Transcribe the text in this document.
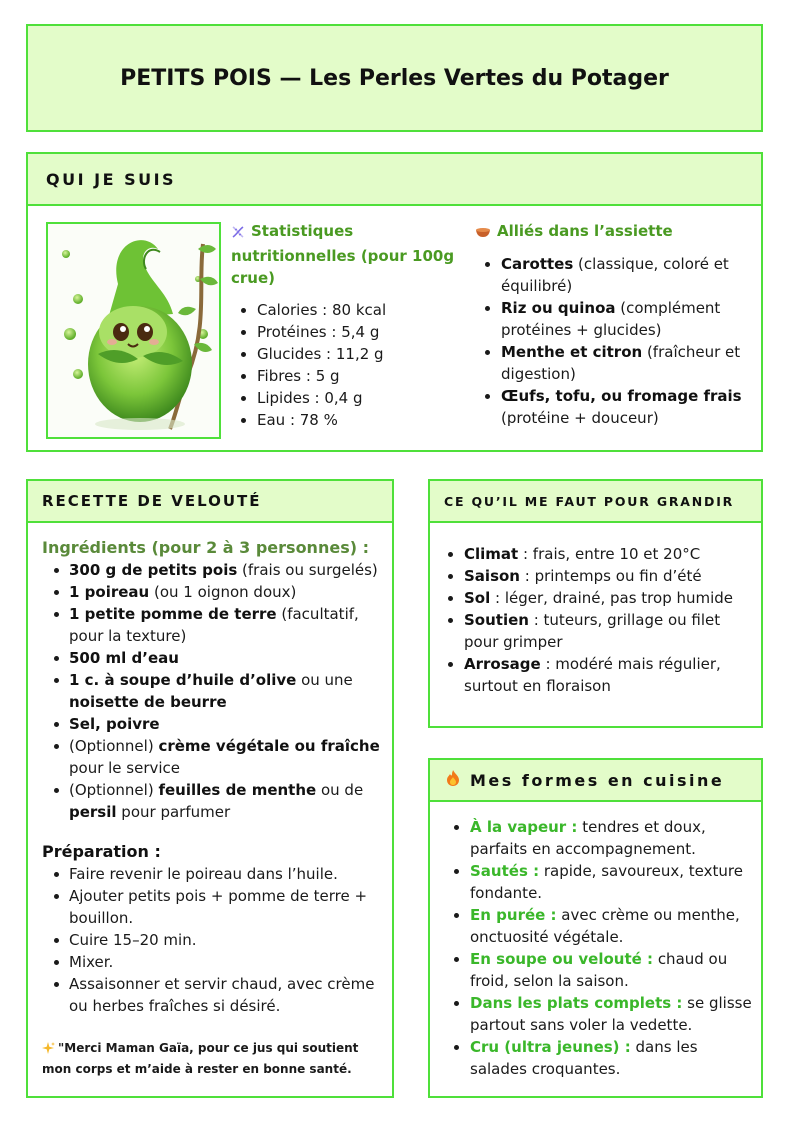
PETITS POIS — Les Perles Vertes du Potager
QUI JE SUIS
Statistiques nutritionnelles (pour 100g crue)
Calories : 80 kcal
Protéines : 5,4 g
Glucides : 11,2 g
Fibres : 5 g
Lipides : 0,4 g
Eau : 78 %
Alliés dans l’assiette
Carottes (classique, coloré et équilibré)
Riz ou quinoa (complément protéines + glucides)
Menthe et citron (fraîcheur et digestion)
Œufs, tofu, ou fromage frais (protéine + douceur)
RECETTE DE VELOUTÉ
Ingrédients (pour 2 à 3 personnes) :
300 g de petits pois (frais ou surgelés)
1 poireau (ou 1 oignon doux)
1 petite pomme de terre (facultatif, pour la texture)
500 ml d’eau
1 c. à soupe d’huile d’olive ou une noisette de beurre
Sel, poivre
(Optionnel) crème végétale ou fraîche pour le service
(Optionnel) feuilles de menthe ou de persil pour parfumer
Préparation :
Faire revenir le poireau dans l’huile.
Ajouter petits pois + pomme de terre + bouillon.
Cuire 15–20 min.
Mixer.
Assaisonner et servir chaud, avec crème ou herbes fraîches si désiré.

"Merci Maman Gaïa, pour ce jus qui soutient mon corps et m’aide à rester en bonne santé.

CE QU’IL ME FAUT POUR GRANDIR
Climat : frais, entre 10 et 20°C
Saison : printemps ou fin d’été
Sol : léger, drainé, pas trop humide
Soutien : tuteurs, grillage ou filet pour grimper
Arrosage : modéré mais régulier, surtout en floraison
Mes formes en cuisine
À la vapeur : tendres et doux, parfaits en accompagnement.
Sautés : rapide, savoureux, texture fondante.
En purée : avec crème ou menthe, onctuosité végétale.
En soupe ou velouté : chaud ou froid, selon la saison.
Dans les plats complets : se glisse partout sans voler la vedette.
Cru (ultra jeunes) : dans les salades croquantes.
